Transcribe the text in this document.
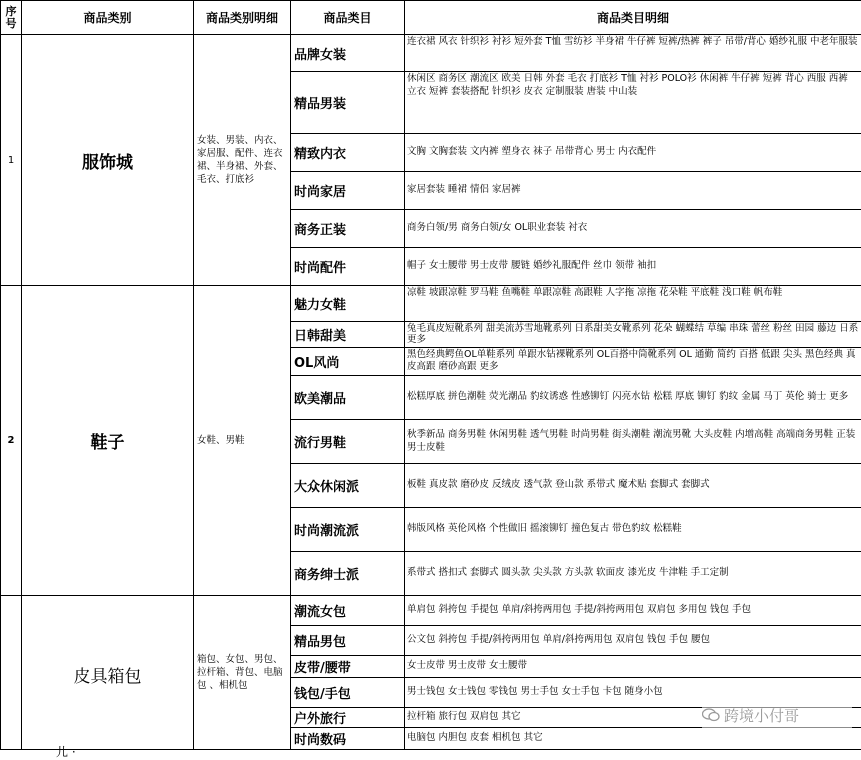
序号	商品类别	商品类别明细	商品类目	商品类目明细
1	服饰城	女装、男装、内衣、家居服、配件、连衣裙、半身裙、外套、毛衣、打底衫	品牌女装	连衣裙 风衣 针织衫 衬衫 短外套 T恤 雪纺衫 半身裙 牛仔裤 短裤/热裤 裤子 吊带/背心 婚纱礼服 中老年服装
			精品男装	休闲区 商务区 潮流区 欧美 日韩 外套 毛衣 打底衫 T恤 衬衫 POLO衫 休闲裤 牛仔裤 短裤 背心 西服 西裤 立衣 短裤 套装搭配 针织衫 皮衣 定制服装 唐装 中山装
			精致内衣	文胸 文胸套装 文内裤 塑身衣 袜子 吊带背心 男士 内衣配件
			时尚家居	家居套装 睡裙 情侣 家居裤
			商务正装	商务白领/男 商务白领/女 OL职业套装 衬衣
			时尚配件	帽子 女士腰带 男士皮带 腰链 婚纱礼服配件 丝巾 领带 袖扣
2	鞋子	女鞋、男鞋	魅力女鞋	凉鞋 坡跟凉鞋 罗马鞋 鱼嘴鞋 单跟凉鞋 高跟鞋 人字拖 凉拖 花朵鞋 平底鞋 浅口鞋 帆布鞋
			日韩甜美	兔毛真皮短靴系列 甜美流苏雪地靴系列 日系甜美女靴系列 花朵 蝴蝶结 草编 串珠 蕾丝 粉丝 田园 藤边 日系 更多
			OL风尚	黑色经典鳄鱼OL单鞋系列 单跟水钻裸靴系列 OL百搭中筒靴系列 OL 通勤 简约 百搭 低跟 尖头 黑色经典 真皮高跟 磨砂高跟 更多
			欧美潮品	松糕厚底 拼色潮鞋 荧光潮品 豹纹诱惑 性感铆钉 闪亮水钻 松糕 厚底 铆钉 豹纹 金属 马丁 英伦 骑士 更多
			流行男鞋	秋季新品 商务男鞋 休闲男鞋 透气男鞋 时尚男鞋 街头潮鞋 潮流男靴 大头皮鞋 内增高鞋 高端商务男鞋 正装男士皮鞋
			大众休闲派	板鞋 真皮款 磨砂皮 反绒皮 透气款 登山款 系带式 魔术贴 套脚式 套脚式
			时尚潮流派	韩版风格 英伦风格 个性做旧 摇滚铆钉 撞色复古 带色豹纹 松糕鞋
			商务绅士派	系带式 搭扣式 套脚式 圆头款 尖头款 方头款 软面皮 漆光皮 牛津鞋 手工定制
	皮具箱包	箱包、女包、男包、拉杆箱、背包、电脑包 、相机包	潮流女包	单肩包 斜挎包 手提包 单肩/斜挎两用包 手提/斜挎两用包 双肩包 多用包 钱包 手包
			精品男包	公文包 斜挎包 手提/斜挎两用包 单肩/斜挎两用包 双肩包 钱包 手包 腰包
			皮带/腰带	女士皮带 男士皮带 女士腰带
			钱包/手包	男士钱包 女士钱包 零钱包 男士手包 女士手包 卡包 随身小包
			户外旅行	拉杆箱 旅行包 双肩包 其它
			时尚数码	电脑包 内胆包 皮套 相机包 其它
儿 ·
跨境小付哥
